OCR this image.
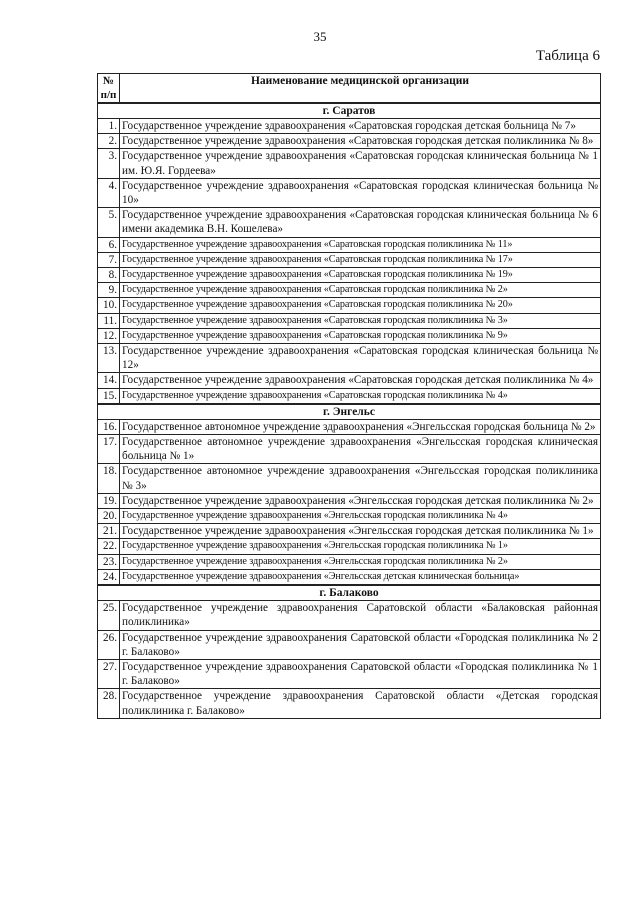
35
Таблица 6
№ п/п	Наименование медицинской организации
г. Саратов	
1.	Государственное учреждение здравоохранения «Саратовская городская детская больница № 7»
2.	Государственное учреждение здравоохранения «Саратовская городская детская поликлиника № 8»
3.	Государственное учреждение здравоохранения «Саратовская городская клиническая больница № 1 им. Ю.Я. Гордеева»
4.	Государственное учреждение здравоохранения «Саратовская городская клиническая больница № 10»
5.	Государственное учреждение здравоохранения «Саратовская городская клиническая больница № 6 имени академика В.Н. Кошелева»
6.	Государственное учреждение здравоохранения «Саратовская городская поликлиника № 11»
7.	Государственное учреждение здравоохранения «Саратовская городская поликлиника № 17»
8.	Государственное учреждение здравоохранения «Саратовская городская поликлиника № 19»
9.	Государственное учреждение здравоохранения «Саратовская городская поликлиника № 2»
10.	Государственное учреждение здравоохранения «Саратовская городская поликлиника № 20»
11.	Государственное учреждение здравоохранения «Саратовская городская поликлиника № 3»
12.	Государственное учреждение здравоохранения «Саратовская городская поликлиника № 9»
13.	Государственное учреждение здравоохранения «Саратовская городская клиническая больница № 12»
14.	Государственное учреждение здравоохранения «Саратовская городская детская поликлиника № 4»
15.	Государственное учреждение здравоохранения «Саратовская городская поликлиника № 4»
г. Энгельс	
16.	Государственное автономное учреждение здравоохранения «Энгельсская городская больница № 2»
17.	Государственное автономное учреждение здравоохранения «Энгельсская городская клиническая больница № 1»
18.	Государственное автономное учреждение здравоохранения «Энгельсская городская поликлиника № 3»
19.	Государственное учреждение здравоохранения «Энгельсская городская детская поликлиника № 2»
20.	Государственное учреждение здравоохранения «Энгельсская городская поликлиника № 4»
21.	Государственное учреждение здравоохранения «Энгельсская городская детская поликлиника № 1»
22.	Государственное учреждение здравоохранения «Энгельсская городская поликлиника № 1»
23.	Государственное учреждение здравоохранения «Энгельсская городская поликлиника № 2»
24.	Государственное учреждение здравоохранения «Энгельсская детская клиническая больница»
г. Балаково	
25.	Государственное учреждение здравоохранения Саратовской области «Балаковская районная поликлиника»
26.	Государственное учреждение здравоохранения Саратовской области «Городская поликлиника № 2 г. Балаково»
27.	Государственное учреждение здравоохранения Саратовской области «Городская поликлиника № 1 г. Балаково»
28.	Государственное учреждение здравоохранения Саратовской области «Детская городская поликлиника г. Балаково»
